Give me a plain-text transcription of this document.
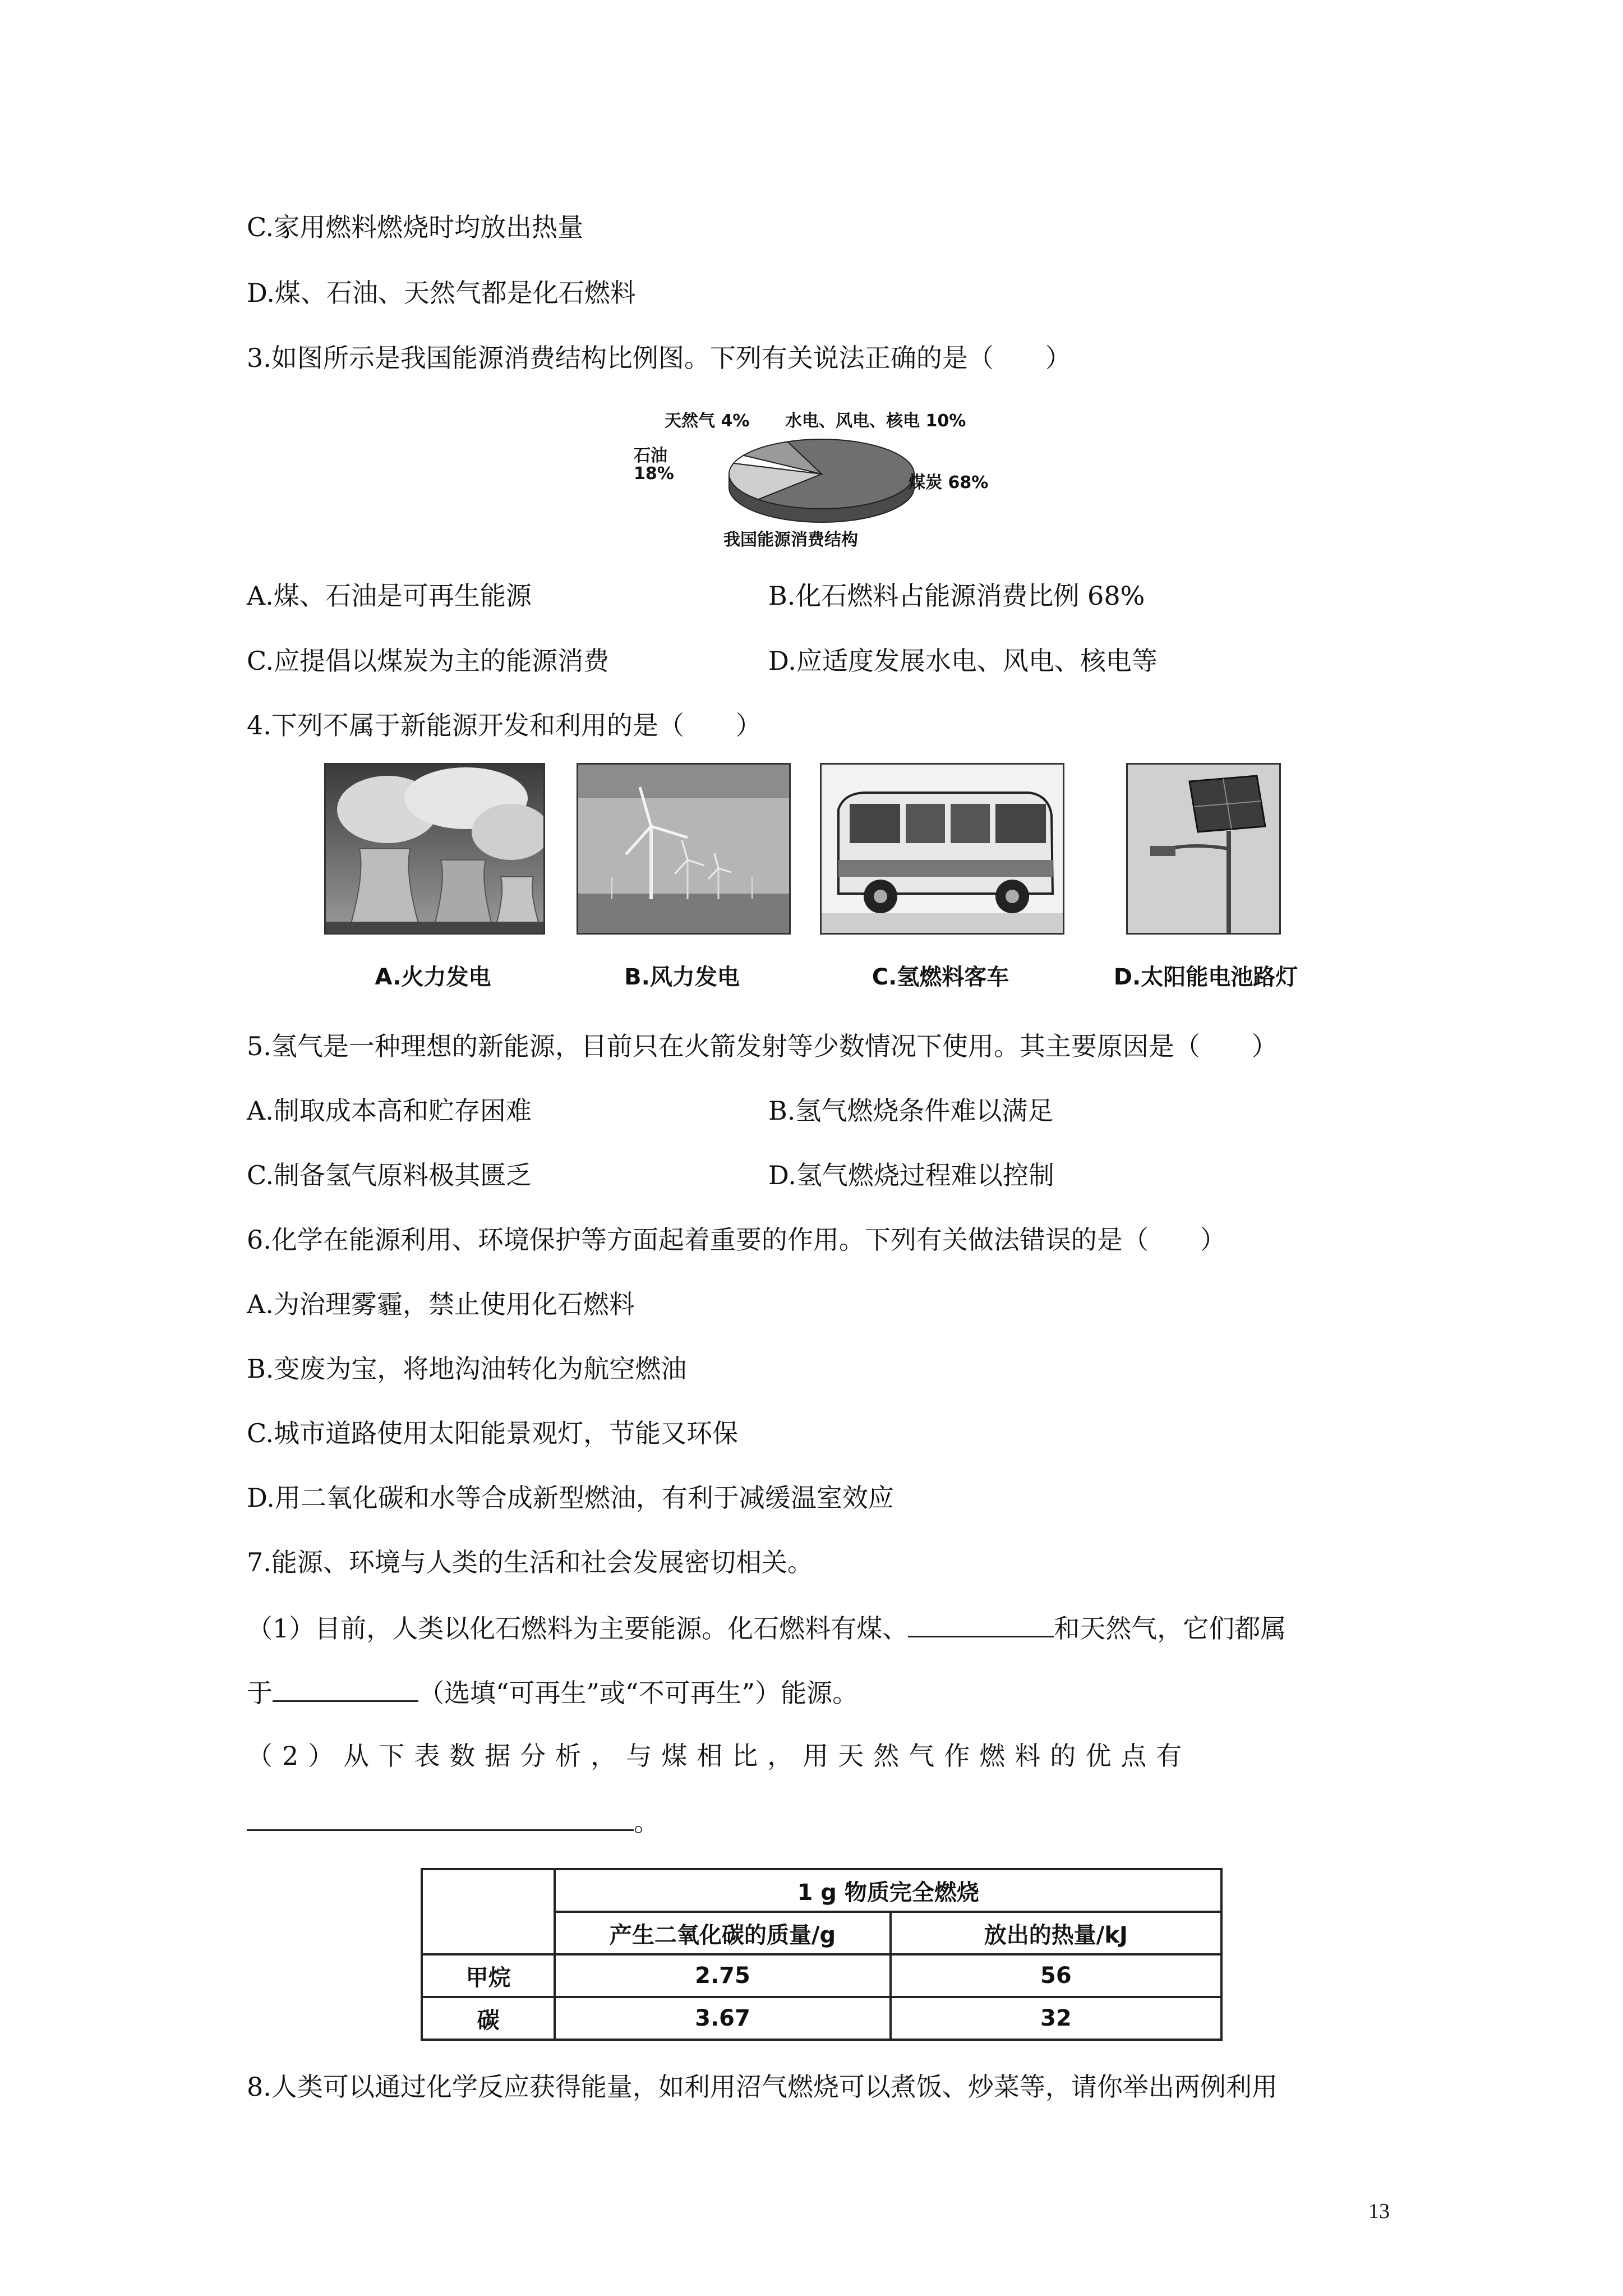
C.家用燃料燃烧时均放出热量
D.煤、石油、天然气都是化石燃料
3.如图所示是我国能源消费结构比例图。下列有关说法正确的是（　　）
天然气 4% 水电、风电、核电 10%
石油
18%	煤炭 68%
我国能源消费结构
A.煤、石油是可再生能源	B.化石燃料占能源消费比例 68%
C.应提倡以煤炭为主的能源消费	D.应适度发展水电、风电、核电等
4.下列不属于新能源开发和利用的是（　　）
A.火力发电	B.风力发电	C.氢燃料客车	D.太阳能电池路灯
5.氢气是一种理想的新能源，目前只在火箭发射等少数情况下使用。其主要原因是（　　）
A.制取成本高和贮存困难	B.氢气燃烧条件难以满足
C.制备氢气原料极其匮乏	D.氢气燃烧过程难以控制
6.化学在能源利用、环境保护等方面起着重要的作用。下列有关做法错误的是（　　）
A.为治理雾霾，禁止使用化石燃料
B.变废为宝，将地沟油转化为航空燃油
C.城市道路使用太阳能景观灯，节能又环保
D.用二氧化碳和水等合成新型燃油，有利于减缓温室效应
7.能源、环境与人类的生活和社会发展密切相关。
（1）目前，人类以化石燃料为主要能源。化石燃料有煤、	和天然气，它们都属
于	（选填“可再生”或“不可再生”）能源。
（2）从下表数据分析，与煤相比，用天然气作燃料的优点有
。
	1 g 物质完全燃烧	
	产生二氧化碳的质量/g	放出的热量/kJ
甲烷	2.75	56
碳	3.67	32
8.人类可以通过化学反应获得能量，如利用沼气燃烧可以煮饭、炒菜等，请你举出两例利用
13
